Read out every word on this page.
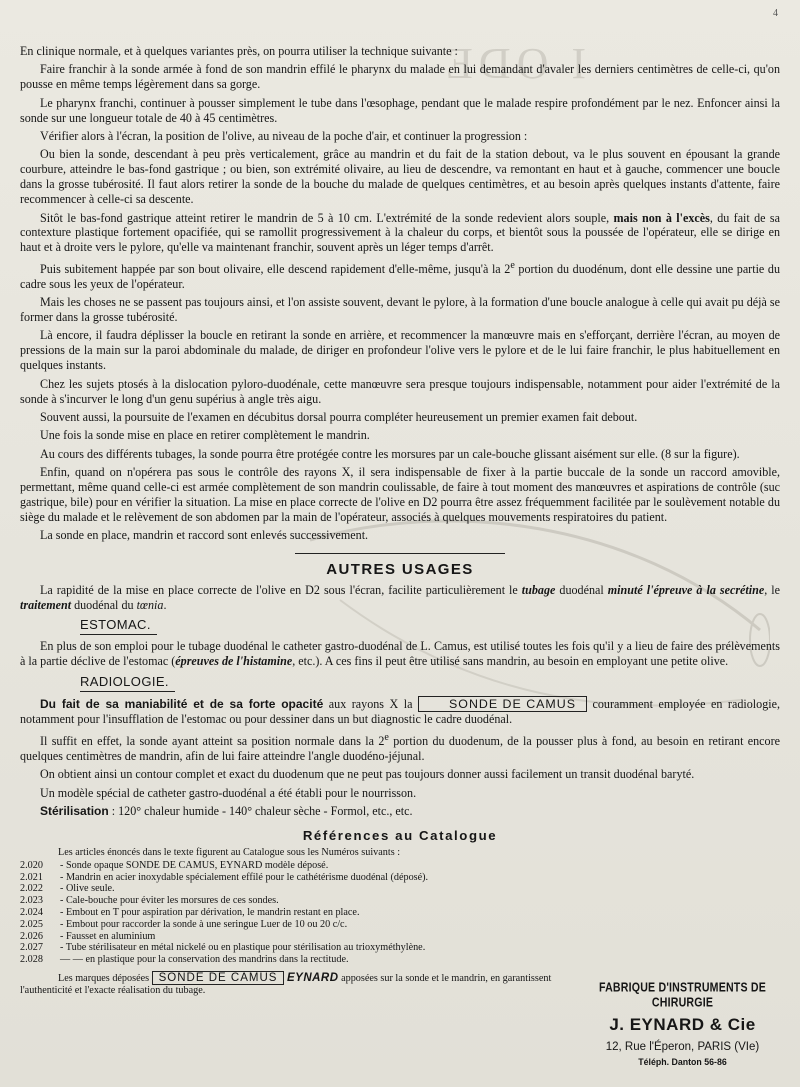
I ODE
4

En clinique normale, et à quelques variantes près, on pourra utiliser la technique suivante :

Faire franchir à la sonde armée à fond de son mandrin effilé le pharynx du malade en lui demandant d'avaler les derniers centimètres de celle-ci, qu'on pousse en même temps légèrement dans sa gorge.

Le pharynx franchi, continuer à pousser simplement le tube dans l'œsophage, pendant que le malade respire profondément par le nez. Enfoncer ainsi la sonde sur une longueur totale de 40 à 45 centimètres.

Vérifier alors à l'écran, la position de l'olive, au niveau de la poche d'air, et continuer la progression :

Ou bien la sonde, descendant à peu près verticalement, grâce au mandrin et du fait de la station debout, va le plus souvent en épousant la grande courbure, atteindre le bas-fond gastrique ; ou bien, son extrémité olivaire, au lieu de descendre, va remontant en haut et à gauche, commencer une boucle dans la grosse tubérosité. Il faut alors retirer la sonde de la bouche du malade de quelques centimètres, et au besoin après quelques instants d'attente, faire recommencer à celle-ci sa descente.

Sitôt le bas-fond gastrique atteint retirer le mandrin de 5 à 10 cm. L'extrémité de la sonde redevient alors souple, mais non à l'excès, du fait de sa contexture plastique fortement opacifiée, qui se ramollit progressivement à la chaleur du corps, et bientôt sous la poussée de l'opérateur, elle se dirige en haut et à droite vers le pylore, qu'elle va maintenant franchir, souvent après un léger temps d'arrêt.

Puis subitement happée par son bout olivaire, elle descend rapidement d'elle-même, jusqu'à la 2e portion du duodénum, dont elle dessine une partie du cadre sous les yeux de l'opérateur.

Mais les choses ne se passent pas toujours ainsi, et l'on assiste souvent, devant le pylore, à la formation d'une boucle analogue à celle qui avait pu déjà se former dans la grosse tubérosité.

Là encore, il faudra déplisser la boucle en retirant la sonde en arrière, et recommencer la manœuvre mais en s'efforçant, derrière l'écran, au moyen de pressions de la main sur la paroi abdominale du malade, de diriger en profondeur l'olive vers le pylore et de le lui faire franchir, le plus habituellement en quelques instants.

Chez les sujets ptosés à la dislocation pyloro-duodénale, cette manœuvre sera presque toujours indispensable, notamment pour aider l'extrémité de la sonde à s'incurver le long d'un genu supérius à angle très aigu.

Souvent aussi, la poursuite de l'examen en décubitus dorsal pourra compléter heureusement un premier examen fait debout.

Une fois la sonde mise en place en retirer complètement le mandrin.

Au cours des différents tubages, la sonde pourra être protégée contre les morsures par un cale-bouche glissant aisément sur elle. (8 sur la figure).

Enfin, quand on n'opérera pas sous le contrôle des rayons X, il sera indispensable de fixer à la partie buccale de la sonde un raccord amovible, permettant, même quand celle-ci est armée complètement de son mandrin coulissable, de faire à tout moment des manœuvres et aspirations de contrôle (suc gastrique, bile) pour en vérifier la situation. La mise en place correcte de l'olive en D2 pourra être assez fréquemment facilitée par le soulèvement notable du siège du malade et le relèvement de son abdomen par la main de l'opérateur, associés à quelques mouvements respiratoires du patient.

La sonde en place, mandrin et raccord sont enlevés successivement.

AUTRES USAGES

La rapidité de la mise en place correcte de l'olive en D2 sous l'écran, facilite particulièrement le tubage duodénal minuté l'épreuve à la secrétine, le traitement duodénal du tœnia.

ESTOMAC.

En plus de son emploi pour le tubage duodénal le catheter gastro-duodénal de L. Camus, est utilisé toutes les fois qu'il y a lieu de faire des prélèvements à la partie déclive de l'estomac (épreuves de l'histamine, etc.). A ces fins il peut être utilisé sans mandrin, au besoin en employant une petite olive.

RADIOLOGIE.

Du fait de sa maniabilité et de sa forte opacité aux rayons X la	SONDE DE CAMUS couramment employée en radiologie, notamment pour l'insufflation de l'estomac ou pour dessiner dans un but diagnostic le cadre duodénal.

Il suffit en effet, la sonde ayant atteint sa position normale dans la 2e portion du duodenum, de la pousser plus à fond, au besoin en retirant encore quelques centimètres de mandrin, afin de lui faire atteindre l'angle duodéno-jéjunal.

On obtient ainsi un contour complet et exact du duodenum que ne peut pas toujours donner aussi facilement un transit duodénal baryté.

Un modèle spécial de catheter gastro-duodénal a été établi pour le nourrisson.

Stérilisation : 120° chaleur humide - 140° chaleur sèche - Formol, etc., etc.

Références au Catalogue
Les articles énoncés dans le texte figurent au Catalogue sous les Numéros suivants :
2.020	- Sonde opaque SONDE DE CAMUS, EYNARD modèle déposé.
2.021	- Mandrin en acier inoxydable spécialement effilé pour le cathétérisme duodénal (déposé).
2.022	- Olive seule.
2.023	- Cale-bouche pour éviter les morsures de ces sondes.
2.024	- Embout en T pour aspiration par dérivation, le mandrin restant en place.
2.025	- Embout pour raccorder la sonde à une seringue Luer de 10 ou 20 c/c.
2.026	- Fausset en aluminium
2.027	- Tube stérilisateur en métal nickelé ou en plastique pour stérilisation au trioxyméthylène.
2.028	— — en plastique pour la conservation des mandrins dans la rectitude.
Les marques déposées SONDE DE CAMUS EYNARD apposées sur la sonde et le mandrin, en garantissent l'authenticité et l'exacte réalisation du tubage.	FABRIQUE D'INSTRUMENTS DE CHIRURGIE
J. EYNARD & Cie
12, Rue l'Éperon, PARIS (VIe)
Téléph. Danton 56-86
